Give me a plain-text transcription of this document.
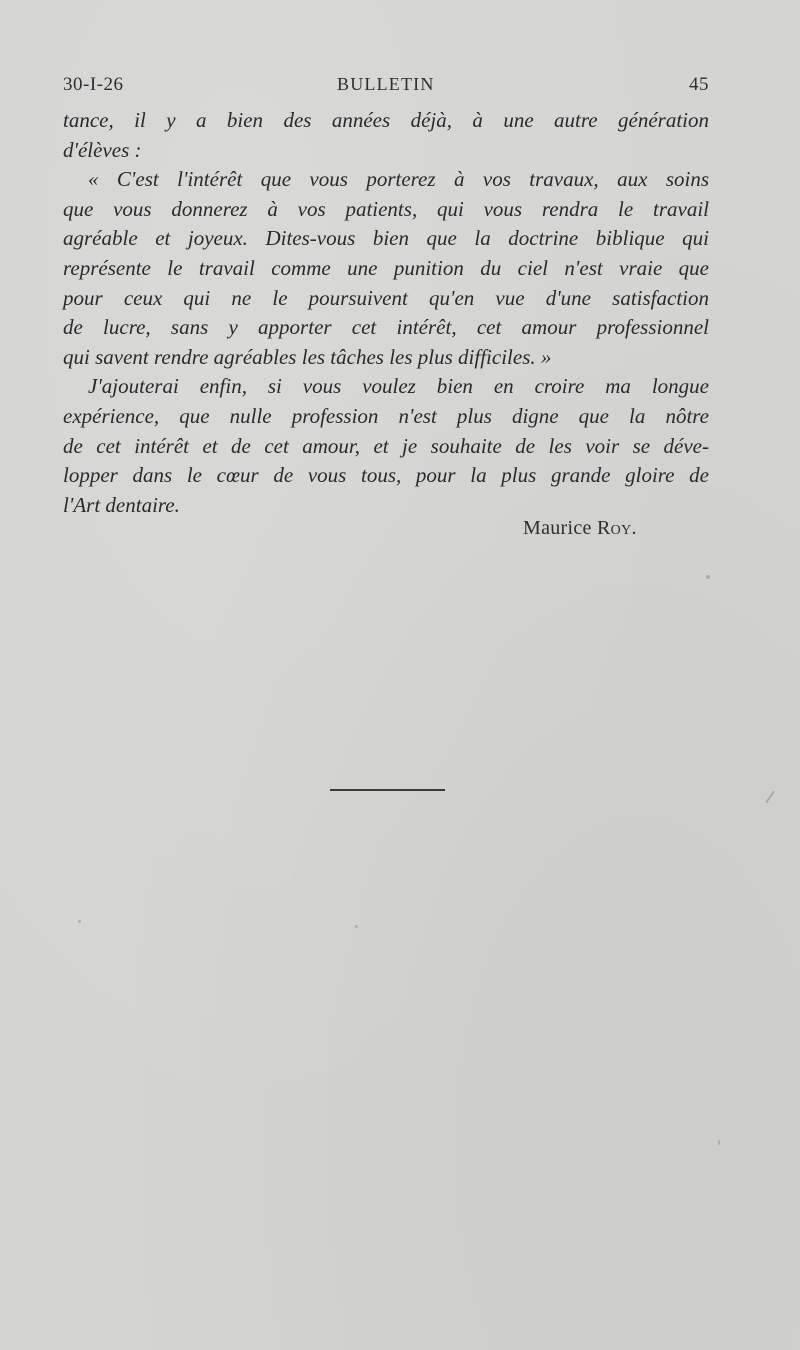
30-I-26	BULLETIN	45
tance, il y a bien des années déjà, à une autre génération
d'élèves :
« C'est l'intérêt que vous porterez à vos travaux, aux soins
que vous donnerez à vos patients, qui vous rendra le travail
agréable et joyeux. Dites-vous bien que la doctrine biblique qui
représente le travail comme une punition du ciel n'est vraie que
pour ceux qui ne le poursuivent qu'en vue d'une satisfaction
de lucre, sans y apporter cet intérêt, cet amour professionnel
qui savent rendre agréables les tâches les plus difficiles. »
J'ajouterai enfin, si vous voulez bien en croire ma longue
expérience, que nulle profession n'est plus digne que la nôtre
de cet intérêt et de cet amour, et je souhaite de les voir se déve-
lopper dans le cœur de vous tous, pour la plus grande gloire de
l'Art dentaire.
Maurice Roy.
